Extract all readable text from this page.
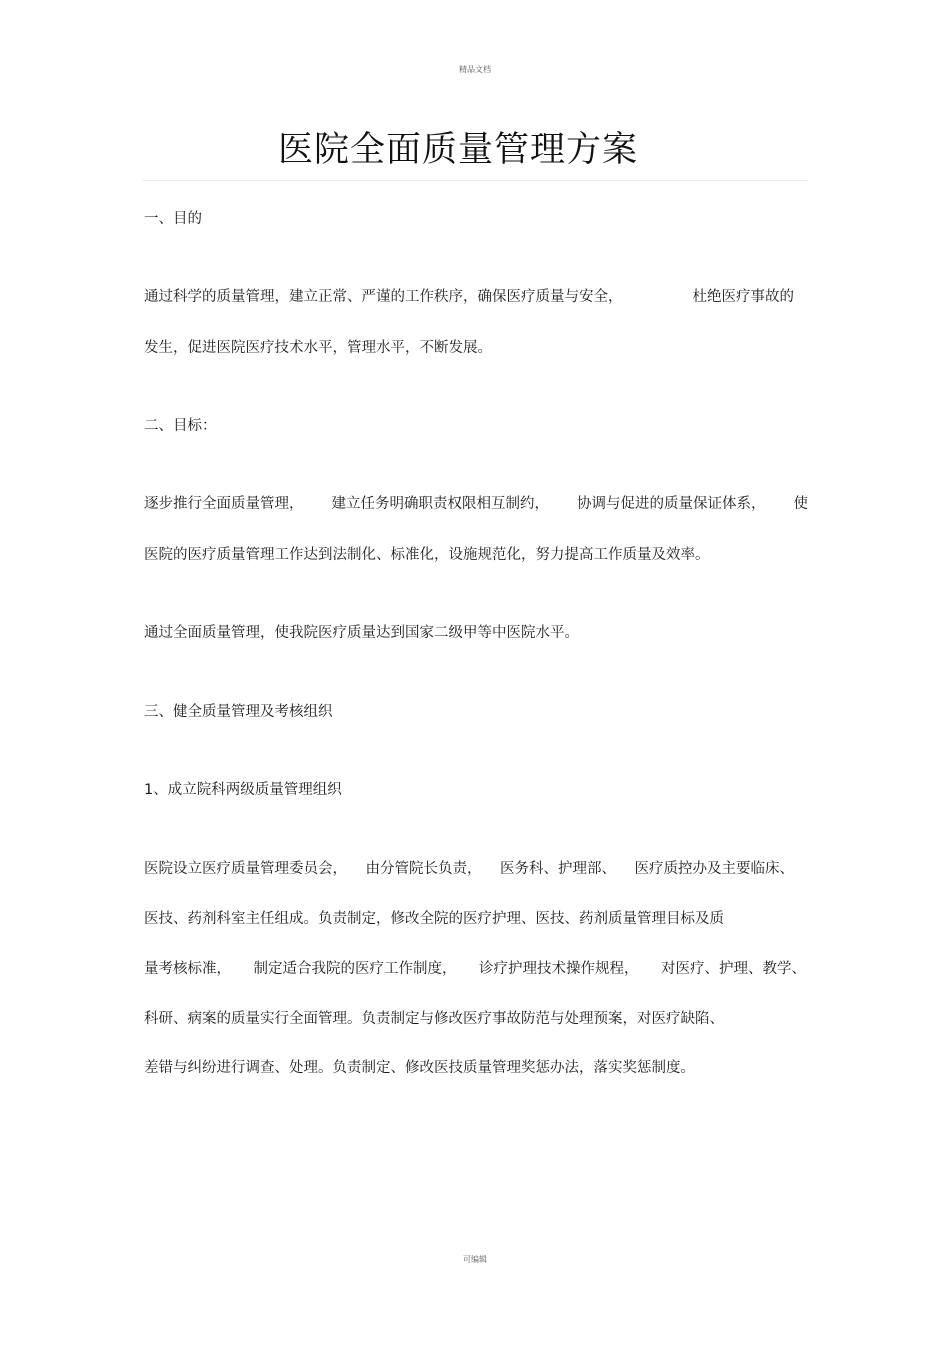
精品文档
医院全面质量管理方案
一、目的
通过科学的质量管理，建立正常、严谨的工作秩序，确保医疗质量与安全，	杜绝医疗事故的
发生，促进医院医疗技术水平，管理水平，不断发展。
二、目标：
逐步推行全面质量管理， 建立任务明确职责权限相互制约， 协调与促进的质量保证体系， 使
医院的医疗质量管理工作达到法制化、标准化，设施规范化，努力提高工作质量及效率。
通过全面质量管理，使我院医疗质量达到国家二级甲等中医院水平。
三、健全质量管理及考核组织
1、成立院科两级质量管理组织
医院设立医疗质量管理委员会， 由分管院长负责， 医务科、护理部、 医疗质控办及主要临床、
医技、药剂科室主任组成。负责制定，修改全院的医疗护理、医技、药剂质量管理目标及质
量考核标准， 制定适合我院的医疗工作制度， 诊疗护理技术操作规程， 对医疗、护理、教学、
科研、病案的质量实行全面管理。负责制定与修改医疗事故防范与处理预案，对医疗缺陷、
差错与纠纷进行调查、处理。负责制定、修改医技质量管理奖惩办法，落实奖惩制度。
可编辑
